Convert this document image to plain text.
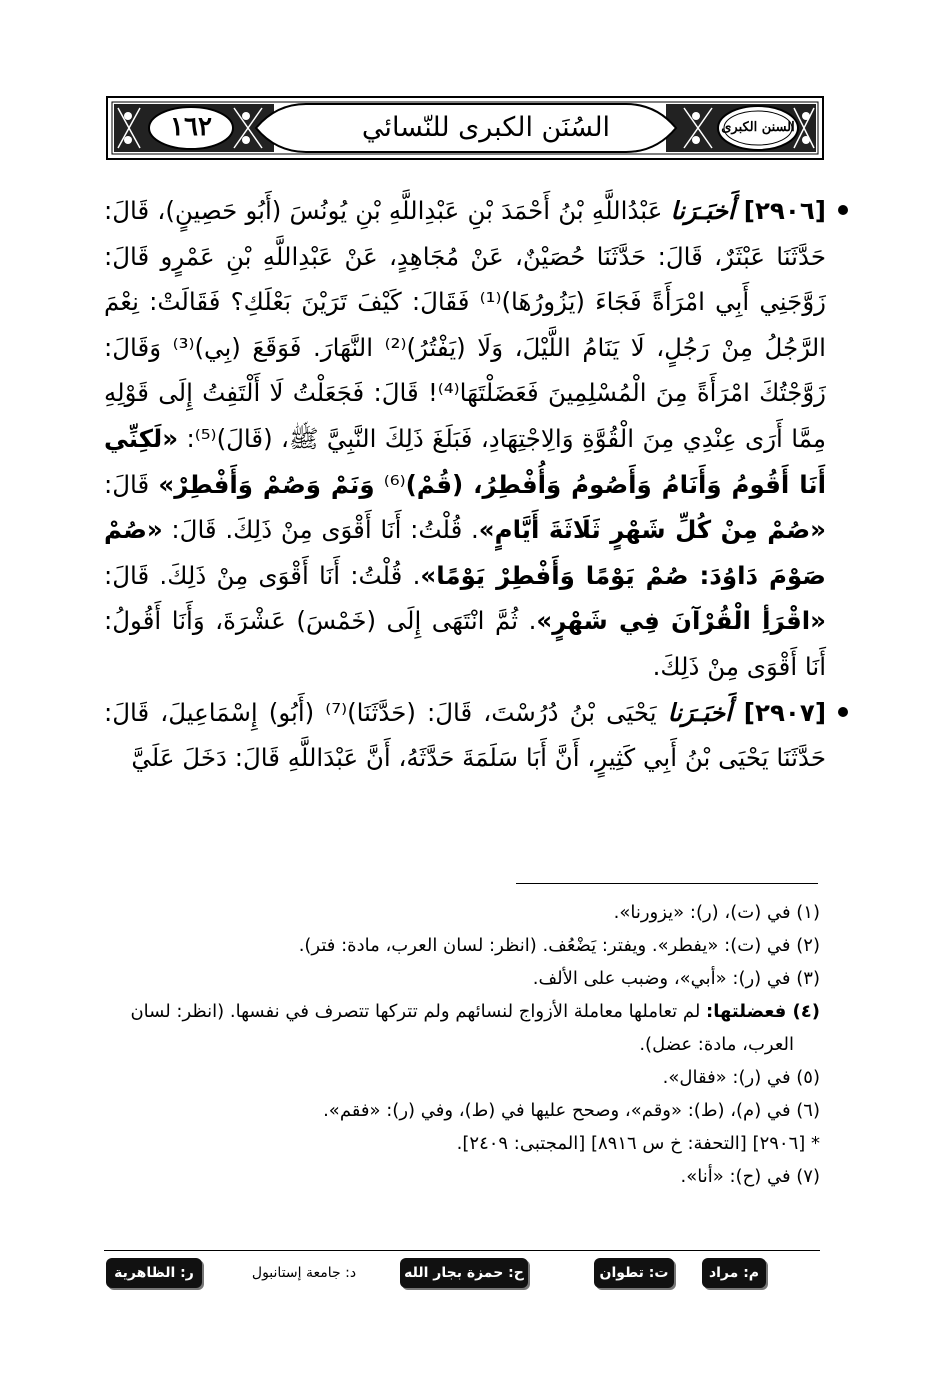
١٦٢	السُنَن الكبرى للنّسائي	السنن الكبرى

[٢٩٠٦] أَخبَـرَنا عَبْدُاللَّهِ بْنُ أَحْمَدَ بْنِ عَبْدِاللَّهِ بْنِ يُونُسَ (أَبُو حَصِينٍ)، قَالَ: حَدَّثَنَا عَبْثَرٌ، قَالَ: حَدَّثَنَا حُصَيْنٌ، عَنْ مُجَاهِدٍ، عَنْ عَبْدِاللَّهِ بْنِ عَمْرٍو قَالَ: زَوَّجَنِي أَبِي امْرَأَةً فَجَاءَ (يَزُورُهَا)⁽¹⁾ فَقَالَ: كَيْفَ تَرَيْنَ بَعْلَكِ؟ فَقَالَتْ: نِعْمَ الرَّجُلُ مِنْ رَجُلٍ، لَا يَنَامُ اللَّيْلَ، وَلَا (يَفْتُرُ)⁽²⁾ النَّهَارَ. فَوَقَعَ (بِي)⁽³⁾ وَقَالَ: زَوَّجْتُكَ امْرَأَةً مِنَ الْمُسْلِمِينَ فَعَضَلْتَهَا⁽⁴⁾! قَالَ: فَجَعَلْتُ لَا أَلْتَفِتُ إِلَى قَوْلِهِ مِمَّا أَرَى عِنْدِي مِنَ الْقُوَّةِ وَالِاجْتِهَادِ، فَبَلَغَ ذَلِكَ النَّبِيَّ ﷺ، (قَالَ)⁽⁵⁾: «لَكِنِّي أَنَا أَقُومُ وَأَنَامُ وَأَصُومُ وَأُفْطِرُ، (قُمْ)⁽⁶⁾ وَنَمْ وَصُمْ وَأَفْطِرْ» قَالَ: «صُمْ مِنْ كُلِّ شَهْرٍ ثَلَاثَةَ أَيَّامٍ». قُلْتُ: أَنَا أَقْوَى مِنْ ذَلِكَ. قَالَ: «صُمْ صَوْمَ دَاوُدَ: صُمْ يَوْمًا وَأَفْطِرْ يَوْمًا». قُلْتُ: أَنَا أَقْوَى مِنْ ذَلِكَ. قَالَ: «اقْرَأِ الْقُرْآنَ فِي شَهْرٍ». ثُمَّ انْتَهَى إِلَى (خَمْسَ) عَشْرَةَ، وَأَنَا أَقُولُ: أَنَا أَقْوَى مِنْ ذَلِكَ.

[٢٩٠٧] أَخبَـرَنا يَحْيَى بْنُ دُرُسْتَ، قَالَ: (حَدَّثَنَا)⁽⁷⁾ (أَبُو) إِسْمَاعِيلَ، قَالَ: حَدَّثَنَا يَحْيَى بْنُ أَبِي كَثِيرٍ، أَنَّ أَبَا سَلَمَةَ حَدَّثَهُ، أَنَّ عَبْدَاللَّهِ قَالَ: دَخَلَ عَلَيَّ

(١) في (ت)، (ر): «يزورنا».

(٢) في (ت): «يفطر». ويفتر: يَضْعُف. (انظر: لسان العرب، مادة: فتر).

(٣) في (ر): «أبي»، وضبب على الألف.

(٤) فعضلتها: لم تعاملها معاملة الأزواج لنسائهم ولم تتركها تتصرف في نفسها. (انظر: لسان

العرب، مادة: عضل).

(٥) في (ر): «فقال».

(٦) في (م)، (ط): «وقم»، وصحح عليها في (ط)، وفي (ر): «فقم».

* [٢٩٠٦] [التحفة: خ س ٨٩١٦] [المجتبى: ٢٤٠٩].

(٧) في (ح): «أنا».

م: مراد ملا
ت: تطوان
ح: حمزة بجار الله
د: جامعة إستانبول
ر: الظاهرية
